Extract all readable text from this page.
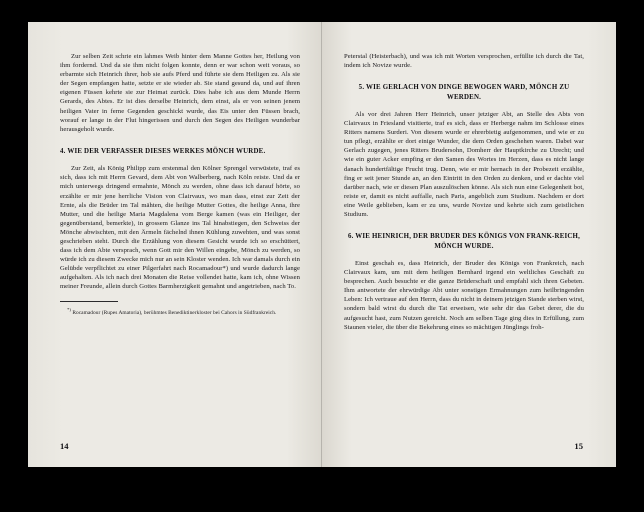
Zur selben Zeit schrie ein lahmes Weib hinter dem Manne Gottes her, Heilung von ihm fordernd. Und da sie ihm nicht folgen konnte, denn er war schon weit voraus, so erbarmte sich Heinrich ihrer, hob sie aufs Pferd und führte sie dem Heiligen zu. Als sie der Segen empfangen hatte, setzte er sie wieder ab. Sie stand gesund da, und auf ihren eigenen Füssen kehrte sie zur Heimat zurück. Dies habe ich aus dem Munde Herrn Gerards, des Abtes. Er ist dies derselbe Heinrich, dem einst, als er von seinen jenem heiligen Vater in ferne Gegenden geschickt wurde, das Eis unter den Füssen brach, worauf er lange in der Flut hingerissen und durch den Segen des Heiligen wunderbar herausgeholt wurde.

4. WIE DER VERFASSER DIESES WERKES MÖNCH WURDE.

Zur Zeit, als König Philipp zum erstenmal den Kölner Sprengel verwüstete, traf es sich, dass ich mit Herrn Gevard, dem Abt von Walberberg, nach Köln reiste. Und da er mich unterwegs dringend ermahnte, Mönch zu werden, ohne dass ich darauf hörte, so erzählte er mir jene herrliche Vision von Clairvaux, wo man dass, einst zur Zeit der Ernte, als die Brüder im Tal mähten, die heilige Mutter Gottes, die heilige Anna, ihre Mutter, und die heilige Maria Magdalena vom Berge kamen (was ein Heiliger, der gegenüberstand, bemerkte), in grossem Glanze ins Tal hinabstiegen, den Schweiss der Mönche abwischten, mit den Ärmeln fächelnd ihnen Kühlung zuwehten, und was sonst geschrieben steht. Durch die Erzählung von diesem Gesicht wurde ich so erschüttert, dass ich dem Abte versprach, wenn Gott mir den Willen eingebe, Mönch zu werden, so würde ich zu diesem Zwecke mich nur an sein Kloster wenden. Ich war damals durch ein Gelübde verpflichtet zu einer Pilgerfahrt nach Rocamadour*) und wurde dadurch lange aufgehalten. Als ich nach drei Monaten die Reise vollendet hatte, kam ich, ohne Wissen meiner Freunde, allein durch Gottes Barmherzigkeit gemahnt und angetrieben, nach To.

*) Rocamadour (Rupes Amatoria), berühmtes Benediktinerkloster bei Cahors in Südfrankreich.

14

Peterstal (Heisterbach), und was ich mit Worten versprochen, erfüllte ich durch die Tat, indem ich Novize wurde.

5. WIE GERLACH VON DINGE BEWOGEN WARD, MÖNCH ZU WERDEN.

Als vor drei Jahren Herr Heinrich, unser jetziger Abt, an Stelle des Abts von Clairvaux in Friesland visitierte, traf es sich, dass er Herberge nahm im Schlosse eines Ritters namens Surderi. Von diesem wurde er ehrerbietig aufgenommen, und wie er zu tun pflegt, erzählte er dort einige Wunder, die dem Orden geschehen waren. Dabei war Gerlach zugegen, jenes Ritters Brudersohn, Domherr der Hauptkirche zu Utrecht; und wie ein guter Acker empfing er den Samen des Wortes im Herzen, dass es nicht lange danach hundertfältige Frucht trug. Denn, wie er mir hernach in der Probezeit erzählte, fing er seit jener Stunde an, an den Eintritt in den Orden zu denken, und er dachte viel darüber nach, wie er diesen Plan auszulöschen könne. Als sich nun eine Gelegenheit bot, reiste er, damit es nicht auffalle, nach Paris, angeblich zum Studium. Nachdem er dort eine Weile geblieben, kam er zu uns, wurde Novize und kehrte sich zum geistlichen Studium.

6. WIE HEINRICH, DER BRUDER DES KÖNIGS VON FRANK-REICH, MÖNCH WURDE.

Einst geschah es, dass Heinrich, der Bruder des Königs von Frankreich, nach Clairvaux kam, um mit dem heiligen Bernhard irgend ein weltliches Geschäft zu besprechen. Auch besuchte er die ganze Brüderschaft und empfahl sich ihren Gebeten. Ihm antwortete der ehrwürdige Abt unter sonstigen Ermahnungen zum heilbringenden Leben: Ich vertraue auf den Herrn, dass du nicht in deinem jetzigen Stande sterben wirst, sondern bald wirst du durch die Tat erweisen, wie sehr dir das Gebet derer, die du aufgesucht hast, zum Nutzen gereicht. Noch am selben Tage ging dies in Erfüllung, zum Staunen vieler, die über die Bekehrung eines so mächtigen Jünglings froh-

15
